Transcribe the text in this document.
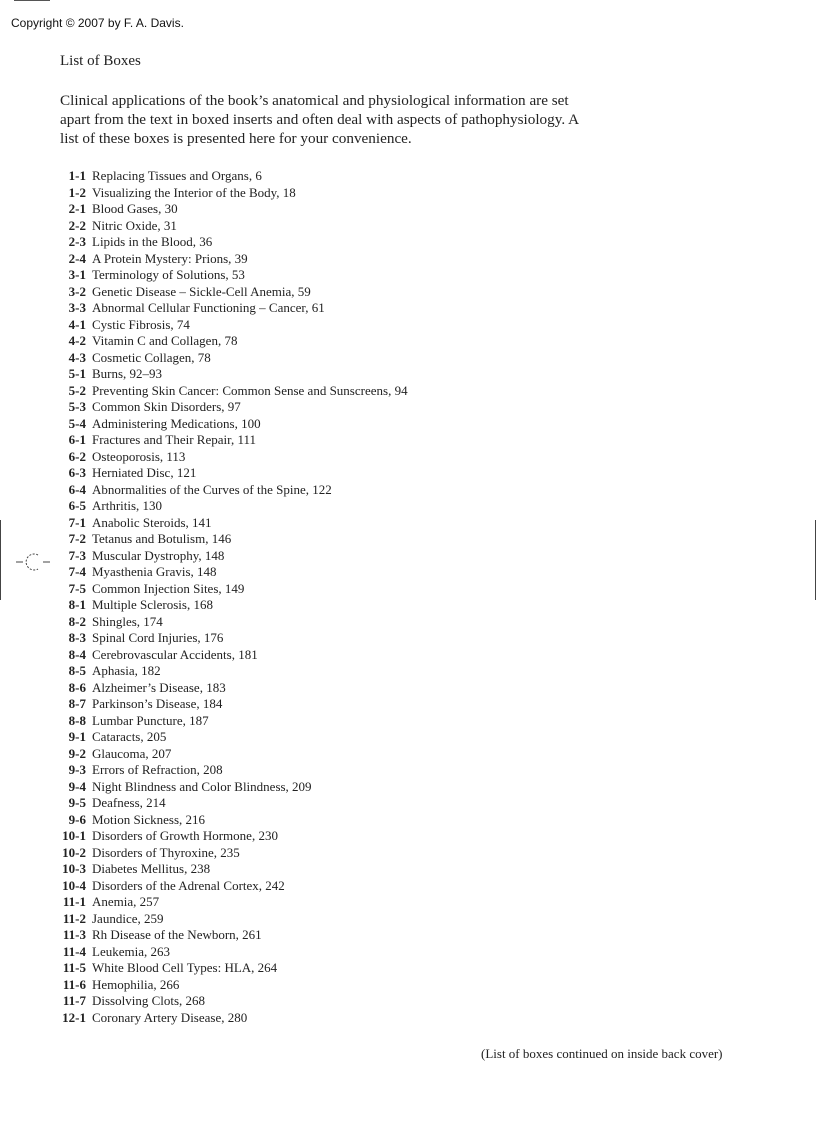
Copyright © 2007 by F. A. Davis.
List of Boxes
Clinical applications of the book’s anatomical and physiological information are set
apart from the text in boxed inserts and often deal with aspects of pathophysiology. A
list of these boxes is presented here for your convenience.
1-1 Replacing Tissues and Organs, 6
1-2 Visualizing the Interior of the Body, 18
2-1 Blood Gases, 30
2-2 Nitric Oxide, 31
2-3 Lipids in the Blood, 36
2-4 A Protein Mystery: Prions, 39
3-1 Terminology of Solutions, 53
3-2 Genetic Disease – Sickle-Cell Anemia, 59
3-3 Abnormal Cellular Functioning – Cancer, 61
4-1 Cystic Fibrosis, 74
4-2 Vitamin C and Collagen, 78
4-3 Cosmetic Collagen, 78
5-1 Burns, 92–93
5-2 Preventing Skin Cancer: Common Sense and Sunscreens, 94
5-3 Common Skin Disorders, 97
5-4 Administering Medications, 100
6-1 Fractures and Their Repair, 111
6-2 Osteoporosis, 113
6-3 Herniated Disc, 121
6-4 Abnormalities of the Curves of the Spine, 122
6-5 Arthritis, 130
7-1 Anabolic Steroids, 141
7-2 Tetanus and Botulism, 146
7-3 Muscular Dystrophy, 148
7-4 Myasthenia Gravis, 148
7-5 Common Injection Sites, 149
8-1 Multiple Sclerosis, 168
8-2 Shingles, 174
8-3 Spinal Cord Injuries, 176
8-4 Cerebrovascular Accidents, 181
8-5 Aphasia, 182
8-6 Alzheimer’s Disease, 183
8-7 Parkinson’s Disease, 184
8-8 Lumbar Puncture, 187
9-1 Cataracts, 205
9-2 Glaucoma, 207
9-3 Errors of Refraction, 208
9-4 Night Blindness and Color Blindness, 209
9-5 Deafness, 214
9-6 Motion Sickness, 216
10-1 Disorders of Growth Hormone, 230
10-2 Disorders of Thyroxine, 235
10-3 Diabetes Mellitus, 238
10-4 Disorders of the Adrenal Cortex, 242
11-1 Anemia, 257
11-2 Jaundice, 259
11-3 Rh Disease of the Newborn, 261
11-4 Leukemia, 263
11-5 White Blood Cell Types: HLA, 264
11-6 Hemophilia, 266
11-7 Dissolving Clots, 268
12-1 Coronary Artery Disease, 280
(List of boxes continued on inside back cover)
